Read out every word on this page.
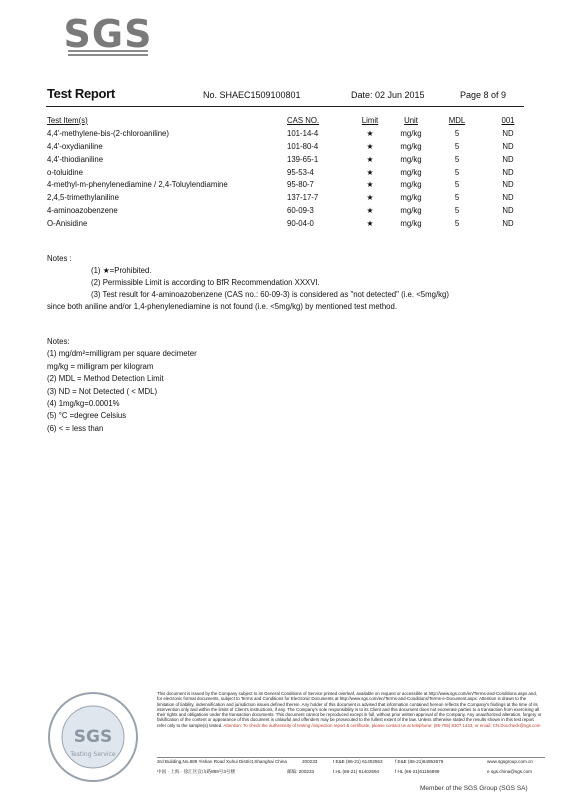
SGS
Test Report	No. SHAEC1509100801	Date: 02 Jun 2015	Page 8 of 9
Test Item(s)	CAS NO.	Limit	Unit	MDL	001
4,4'-methylene-bis-(2-chloroaniline)	101-14-4	★	mg/kg	5	ND
4,4'-oxydianiline	101-80-4	★	mg/kg	5	ND
4,4'-thiodianiline	139-65-1	★	mg/kg	5	ND
o-toluidine	95-53-4	★	mg/kg	5	ND
4-methyl-m-phenylenediamine / 2,4-Toluylendiamine	95-80-7	★	mg/kg	5	ND
2,4,5-trimethylaniline	137-17-7	★	mg/kg	5	ND
4-aminoazobenzene	60-09-3	★	mg/kg	5	ND
O-Anisidine	90-04-0	★	mg/kg	5	ND

Notes :

(1) ★=Prohibited.

(2) Permissible Limit is according to BfR Recommendation XXXVI.

(3) Test result for 4-aminoazobenzene (CAS no.: 60-09-3) is considered as "not detected" (i.e. <5mg/kg)

since both aniline and/or 1,4-phenylenediamine is not found (i.e. <5mg/kg) by mentioned test method.

Notes:

(1) mg/dm²=milligram per square decimeter

mg/kg = milligram per kilogram

(2) MDL = Method Detection Limit

(3) ND = Not Detected ( < MDL)

(4) 1mg/kg=0.0001%

(5) °C =degree Celsius

(6) < = less than

SGS
Testing Service
This document is issued by the Company subject to its General Conditions of Service printed overleaf, available on request or accessible at http://www.sgs.com/en/Terms-and-Conditions.aspx and, for electronic format documents, subject to Terms and Conditions for Electronic Documents at http://www.sgs.com/en/Terms-and-Conditions/Terms-e-Document.aspx. Attention is drawn to the limitation of liability, indemnification and jurisdiction issues defined therein. Any holder of this document is advised that information contained hereon reflects the Company's findings at the time of its intervention only and within the limits of Client's instructions, if any. The Company's sole responsibility is to its Client and this document does not exonerate parties to a transaction from exercising all their rights and obligations under the transaction documents. This document cannot be reproduced except in full, without prior written approval of the Company. Any unauthorized alteration, forgery or falsification of the content or appearance of this document is unlawful and offenders may be prosecuted to the fullest extent of the law. Unless otherwise stated the results shown in this test report refer only to the sample(s) tested. Attention: To check the authenticity of testing /inspection report & certificate, please contact us at telephone: (86-755) 8307 1443, or email: CN.Doccheck@sgs.com
3rd Building,No.889 Yishan Road Xuhui District,Shanghai China	200233	t E&E (86-21) 61402553	f E&E (86-21)64953679	www.sgsgroup.com.cn
中国 · 上海 · 徐汇区宜山路889号3号楼	邮编: 200233	t HL (86-21) 61402594	f HL (86-21)61156899	e sgs.china@sgs.com
Member of the SGS Group (SGS SA)
